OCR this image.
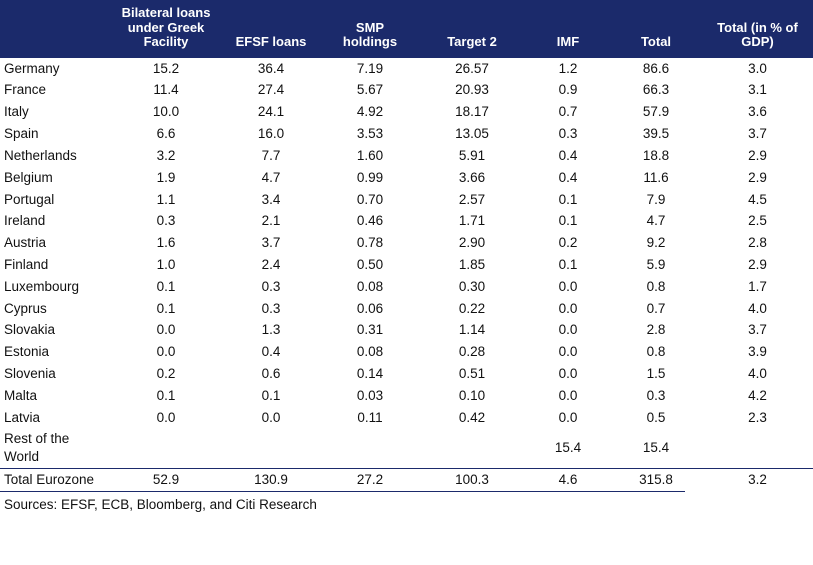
	Bilateral loans under Greek Facility	EFSF loans	SMP holdings	Target 2	IMF	Total	Total (in % of GDP)
Germany	15.2	36.4	7.19	26.57	1.2	86.6	3.0
France	11.4	27.4	5.67	20.93	0.9	66.3	3.1
Italy	10.0	24.1	4.92	18.17	0.7	57.9	3.6
Spain	6.6	16.0	3.53	13.05	0.3	39.5	3.7
Netherlands	3.2	7.7	1.60	5.91	0.4	18.8	2.9
Belgium	1.9	4.7	0.99	3.66	0.4	11.6	2.9
Portugal	1.1	3.4	0.70	2.57	0.1	7.9	4.5
Ireland	0.3	2.1	0.46	1.71	0.1	4.7	2.5
Austria	1.6	3.7	0.78	2.90	0.2	9.2	2.8
Finland	1.0	2.4	0.50	1.85	0.1	5.9	2.9
Luxembourg	0.1	0.3	0.08	0.30	0.0	0.8	1.7
Cyprus	0.1	0.3	0.06	0.22	0.0	0.7	4.0
Slovakia	0.0	1.3	0.31	1.14	0.0	2.8	3.7
Estonia	0.0	0.4	0.08	0.28	0.0	0.8	3.9
Slovenia	0.2	0.6	0.14	0.51	0.0	1.5	4.0
Malta	0.1	0.1	0.03	0.10	0.0	0.3	4.2
Latvia	0.0	0.0	0.11	0.42	0.0	0.5	2.3
Rest of the World					15.4	15.4	
Total Eurozone	52.9	130.9	27.2	100.3	4.6	315.8	3.2
Sources: EFSF, ECB, Bloomberg, and Citi Research
